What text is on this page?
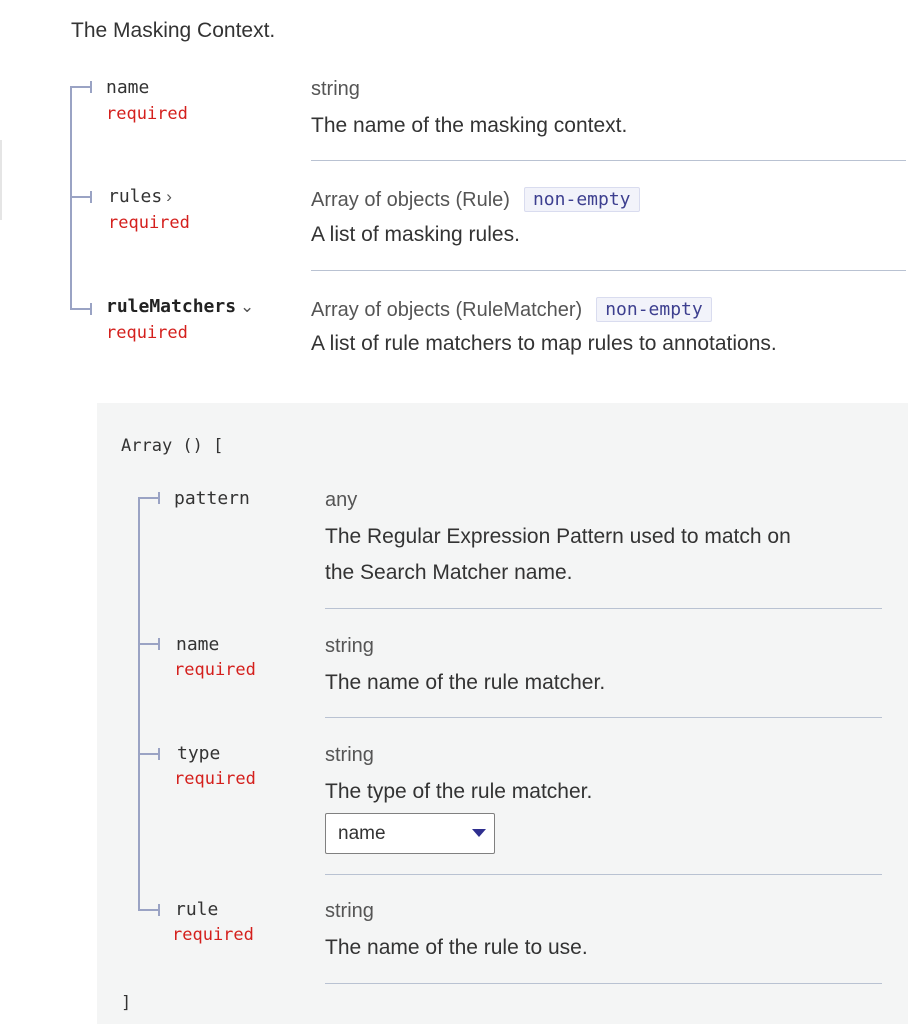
The Masking Context.
name
required
string
The name of the masking context.
rules ›
required
Array of objects (Rule) non-empty
A list of masking rules.
ruleMatchers ⌄
required
Array of objects (RuleMatcher) non-empty
A list of rule matchers to map rules to annotations.
Array () [
]
pattern	any
The Regular Expression Pattern used to match on
the Search Matcher name.
name
required
string
The name of the rule matcher.
type
required
string
The type of the rule matcher.
name
rule
required
string
The name of the rule to use.
